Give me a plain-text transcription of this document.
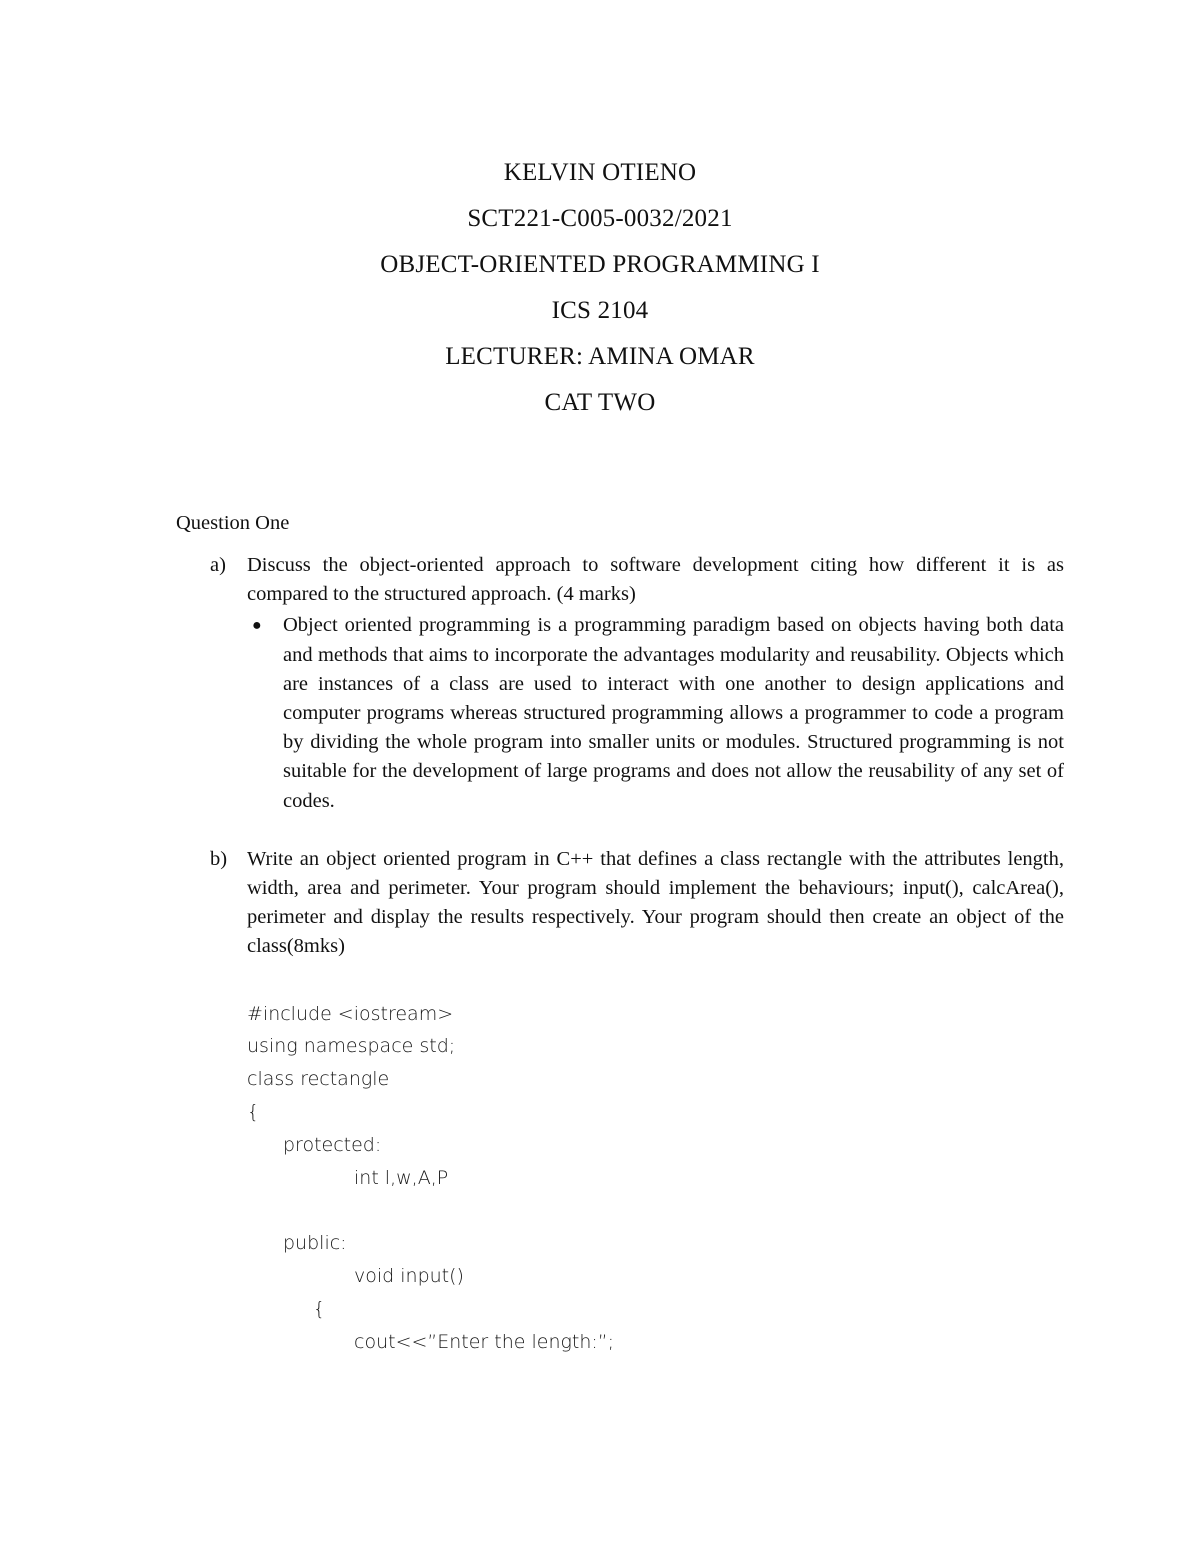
KELVIN OTIENO
SCT221-C005-0032/2021
OBJECT-ORIENTED PROGRAMMING I
ICS 2104
LECTURER: AMINA OMAR
CAT TWO
Question One
a) Discuss the object-oriented approach to software development citing how different it is as compared to the structured approach. (4 marks)
● Object oriented programming is a programming paradigm based on objects having both data and methods that aims to incorporate the advantages modularity and reusability. Objects which are instances of a class are used to interact with one another to design applications and computer programs whereas structured programming allows a programmer to code a program by dividing the whole program into smaller units or modules. Structured programming is not suitable for the development of large programs and does not allow the reusability of any set of codes.
b) Write an object oriented program in C++ that defines a class rectangle with the attributes length, width, area and perimeter. Your program should implement the behaviours; input(), calcArea(), perimeter and display the results respectively. Your program should then create an object of the class(8mks)
#include <iostream>
using namespace std;
class rectangle
{
protected:
int l,w,A,P
public:
void input()
{
cout<<”Enter the length:”;
